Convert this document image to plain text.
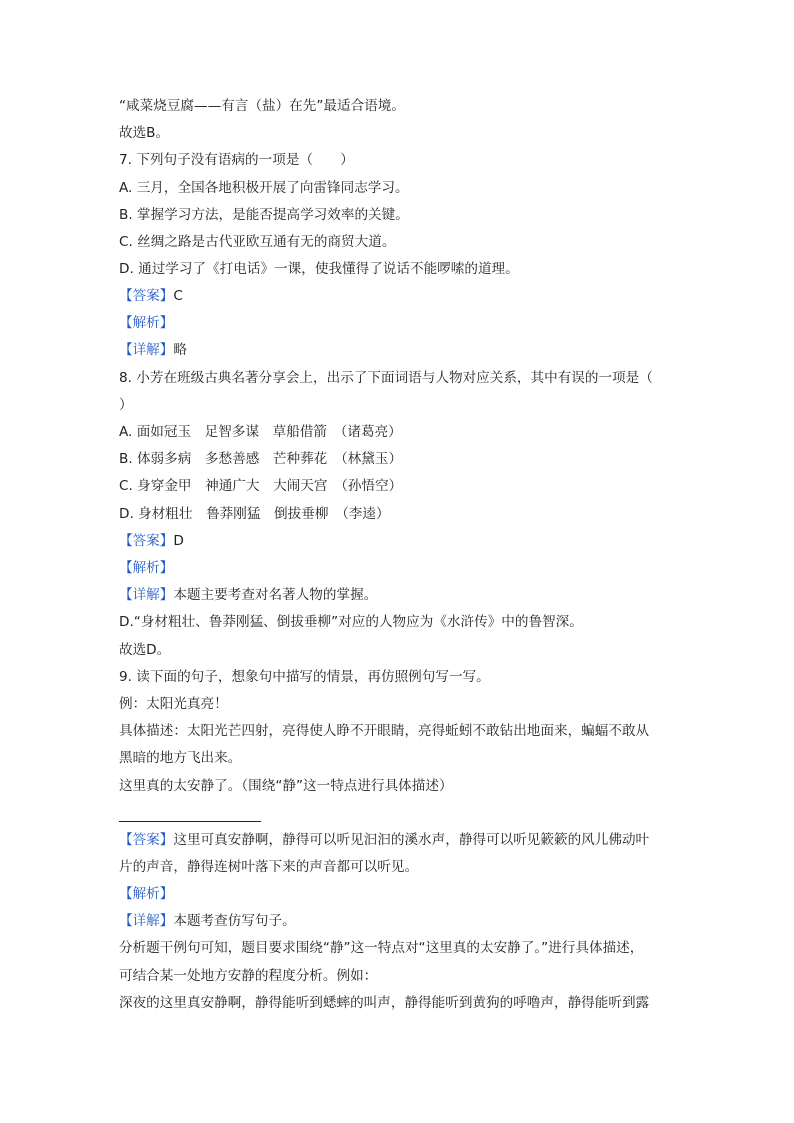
“咸菜烧豆腐——有言（盐）在先”最适合语境。
故选B。
7. 下列句子没有语病的一项是（　　）
A. 三月，全国各地积极开展了向雷锋同志学习。
B. 掌握学习方法，是能否提高学习效率的关键。
C. 丝绸之路是古代亚欧互通有无的商贸大道。
D. 通过学习了《打电话》一课，使我懂得了说话不能啰嗦的道理。
【答案】C
【解析】
【详解】略
8. 小芳在班级古典名著分享会上，出示了下面词语与人物对应关系，其中有误的一项是（
）
A. 面如冠玉　足智多谋　草船借箭　（诸葛亮）
B. 体弱多病　多愁善感　芒种葬花　（林黛玉）
C. 身穿金甲　神通广大　大闹天宫　（孙悟空）
D. 身材粗壮　鲁莽刚猛　倒拔垂柳　（李逵）
【答案】D
【解析】
【详解】本题主要考查对名著人物的掌握。
D.“身材粗壮、鲁莽刚猛、倒拔垂柳”对应的人物应为《水浒传》中的鲁智深。
故选D。
9. 读下面的句子，想象句中描写的情景，再仿照例句写一写。
例：太阳光真亮！
具体描述：太阳光芒四射，亮得使人睁不开眼睛，亮得蚯蚓不敢钻出地面来，蝙蝠不敢从
黑暗的地方飞出来。
这里真的太安静了。（围绕“静”这一特点进行具体描述）
【答案】这里可真安静啊，静得可以听见汩汩的溪水声，静得可以听见簌簌的风儿佛动叶
片的声音，静得连树叶落下来的声音都可以听见。
【解析】
【详解】本题考查仿写句子。
分析题干例句可知，题目要求围绕“静”这一特点对“这里真的太安静了。”进行具体描述，
可结合某一处地方安静的程度分析。例如：
深夜的这里真安静啊，静得能听到蟋蟀的叫声，静得能听到黄狗的呼噜声，静得能听到露
